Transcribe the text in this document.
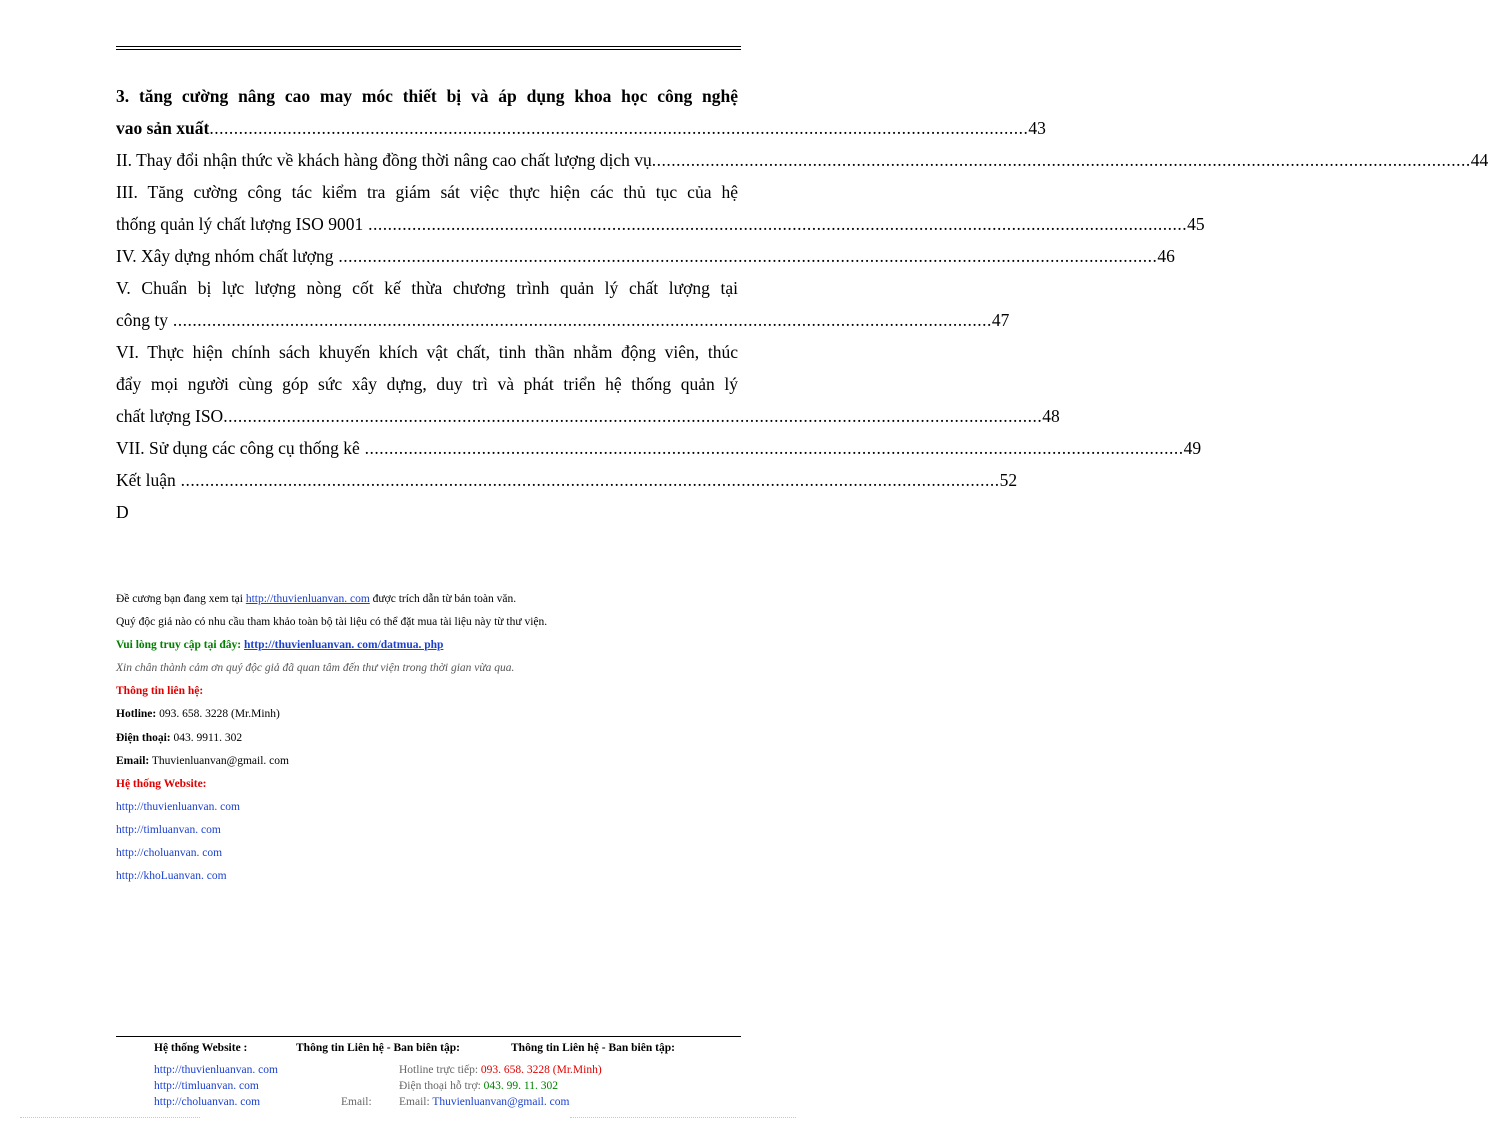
3. tăng cường nâng cao may móc thiết bị và áp dụng khoa học công nghệ
vao sản xuất ........................................................................................................................................................................ 43
II. Thay đổi nhận thức về khách hàng đồng thời nâng cao chất lượng dịch vụ ........................................................................................................................................................................ 44
III. Tăng cường công tác kiểm tra giám sát việc thực hiện các thủ tục của hệ
thống quản lý chất lượng ISO 9001 ........................................................................................................................................................................ 45
IV. Xây dựng nhóm chất lượng ........................................................................................................................................................................ 46
V. Chuẩn bị lực lượng nòng cốt kế thừa chương trình quản lý chất lượng tại
công ty ........................................................................................................................................................................ 47
VI. Thực hiện chính sách khuyến khích vật chất, tinh thần nhằm động viên, thúc
đẩy mọi người cùng góp sức xây dựng, duy trì và phát triển hệ thống quản lý
chất lượng ISO ........................................................................................................................................................................ 48
VII. Sử dụng các công cụ thống kê ........................................................................................................................................................................ 49
Kết luận ........................................................................................................................................................................ 52
D
Đề cương bạn đang xem tại http://thuvienluanvan. com được trích dẫn từ bản toàn văn.
Quý độc giả nào có nhu cầu tham khảo toàn bộ tài liệu có thể đặt mua tài liệu này từ thư viện.
Vui lòng truy cập tại đây: http://thuvienluanvan. com/datmua. php
Xin chân thành cảm ơn quý độc giả đã quan tâm đến thư viện trong thời gian vừa qua.
Thông tin liên hệ:
Hotline: 093. 658. 3228 (Mr.Minh)
Điện thoại: 043. 9911. 302
Email: Thuvienluanvan@gmail. com
Hệ thống Website:
http://thuvienluanvan. com
http://timluanvan. com
http://choluanvan. com
http://khoLuanvan. com
Hệ thống Website :
http://thuvienluanvan. com
http://timluanvan. com
http://choluanvan. com
Thông tin Liên hệ - Ban biên tập:

Email:
Thông tin Liên hệ - Ban biên tập:
Hotline trực tiếp: 093. 658. 3228 (Mr.Minh)
Điện thoại hỗ trợ: 043. 99. 11. 302
Email: Thuvienluanvan@gmail. com
